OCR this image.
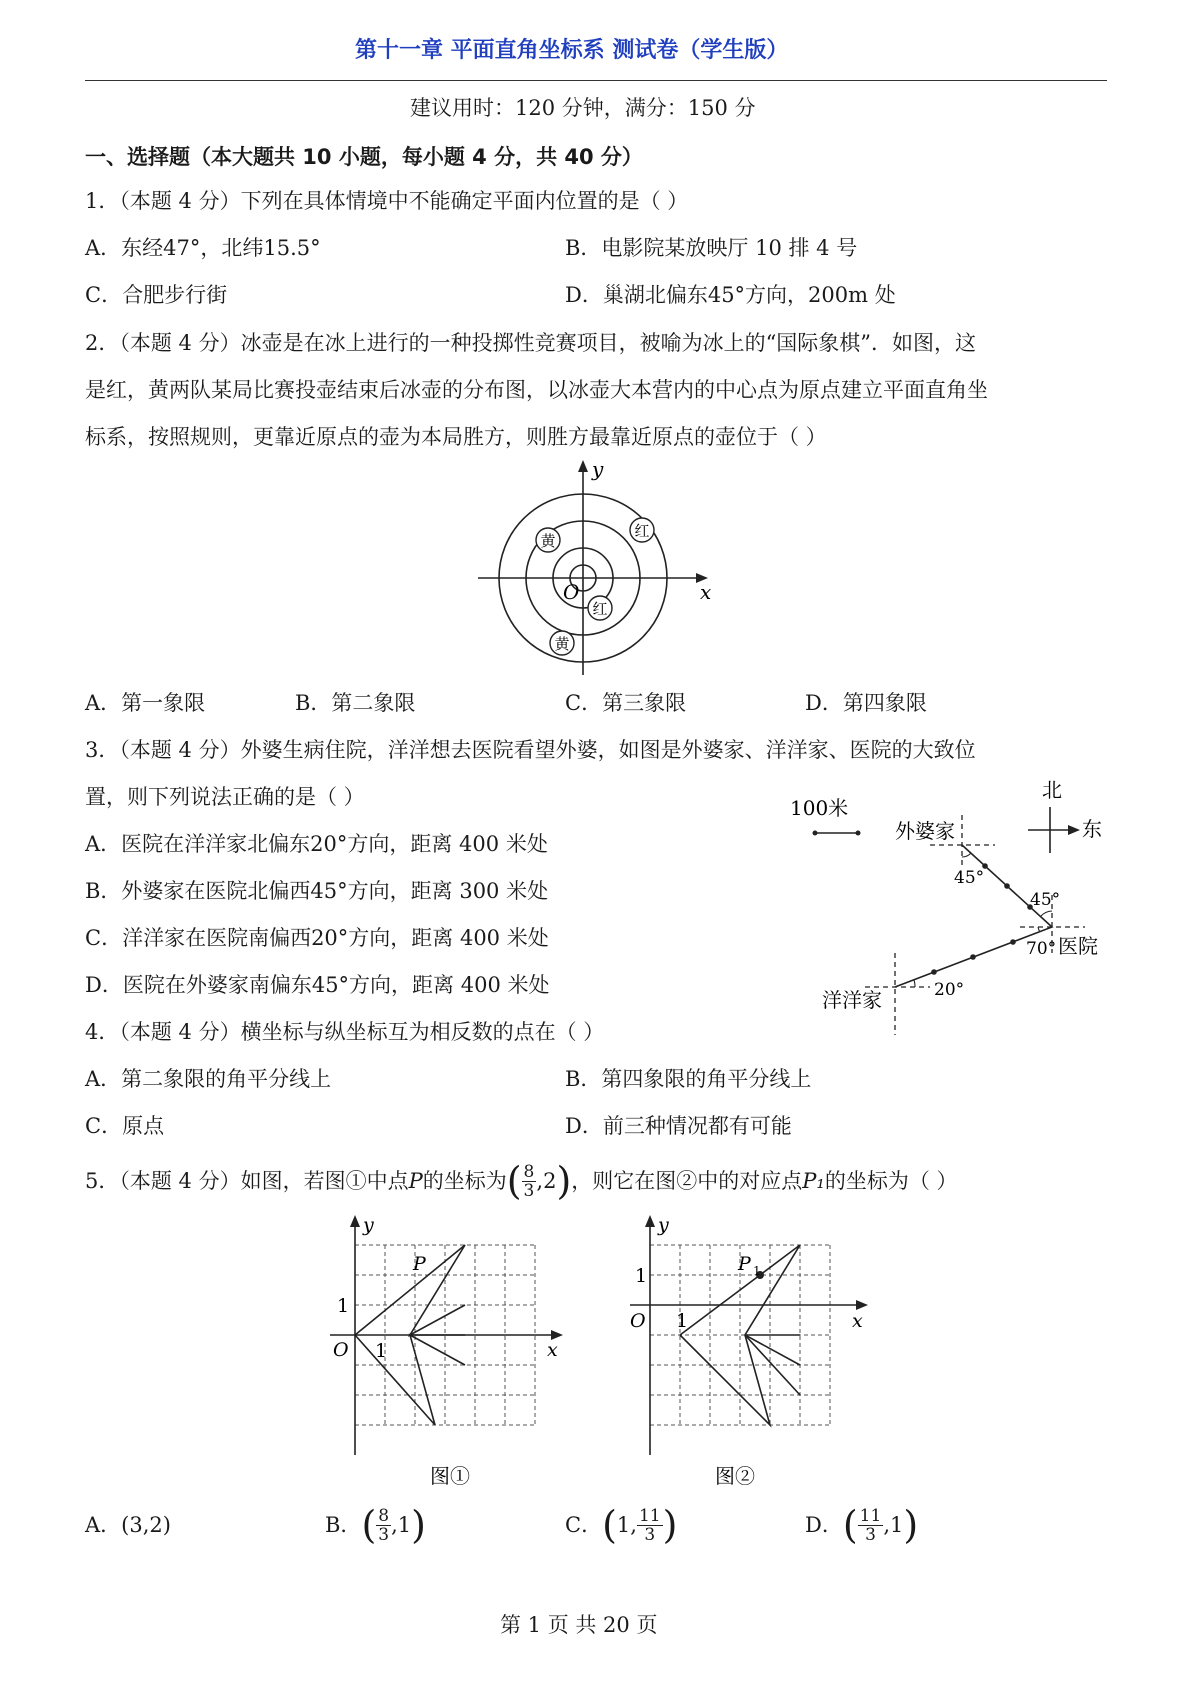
第十一章 平面直角坐标系 测试卷（学生版）
建议用时：120 分钟，满分：150 分
一、选择题（本大题共 10 小题，每小题 4 分，共 40 分）
1．（本题 4 分）下列在具体情境中不能确定平面内位置的是（ ）
A．东经47°，北纬15.5°	B．电影院某放映厅 10 排 4 号
C．合肥步行街	D．巢湖北偏东45°方向，200m 处
2．（本题 4 分）冰壶是在冰上进行的一种投掷性竞赛项目，被喻为冰上的“国际象棋”．如图，这
是红，黄两队某局比赛投壶结束后冰壶的分布图，以冰壶大本营内的中心点为原点建立平面直角坐
标系，按照规则，更靠近原点的壶为本局胜方，则胜方最靠近原点的壶位于（ ）
y
x
O
黄
红
红
黄
A．第一象限	B．第二象限	C．第三象限	D．第四象限
3．（本题 4 分）外婆生病住院，洋洋想去医院看望外婆，如图是外婆家、洋洋家、医院的大致位
置，则下列说法正确的是（ ）
A．医院在洋洋家北偏东20°方向，距离 400 米处
B．外婆家在医院北偏西45°方向，距离 300 米处
C．洋洋家在医院南偏西20°方向，距离 400 米处
D．医院在外婆家南偏东45°方向，距离 400 米处
100米
北
东
外婆家
医院
洋洋家
45°
45°
70°
20°
4．（本题 4 分）横坐标与纵坐标互为相反数的点在（ ）
A．第二象限的角平分线上	B．第四象限的角平分线上
C．原点	D．前三种情况都有可能
5．（本题 4 分）如图，若图①中点 P 的坐标为 ( $\frac{8}{3}$ , 2 ) ，则它在图②中的对应点 P₁ 的坐标为（ ）
y
x
O 1
1
P
图①
y
x
O 1
1
P 1
图②
A． (3,2)	B． ( $\frac{8}{3} ,1$ )	C． ( 1, $\frac{11}{3}$ )	D． ( $\frac{11}{3} ,1$ )
第 1 页 共 20 页
